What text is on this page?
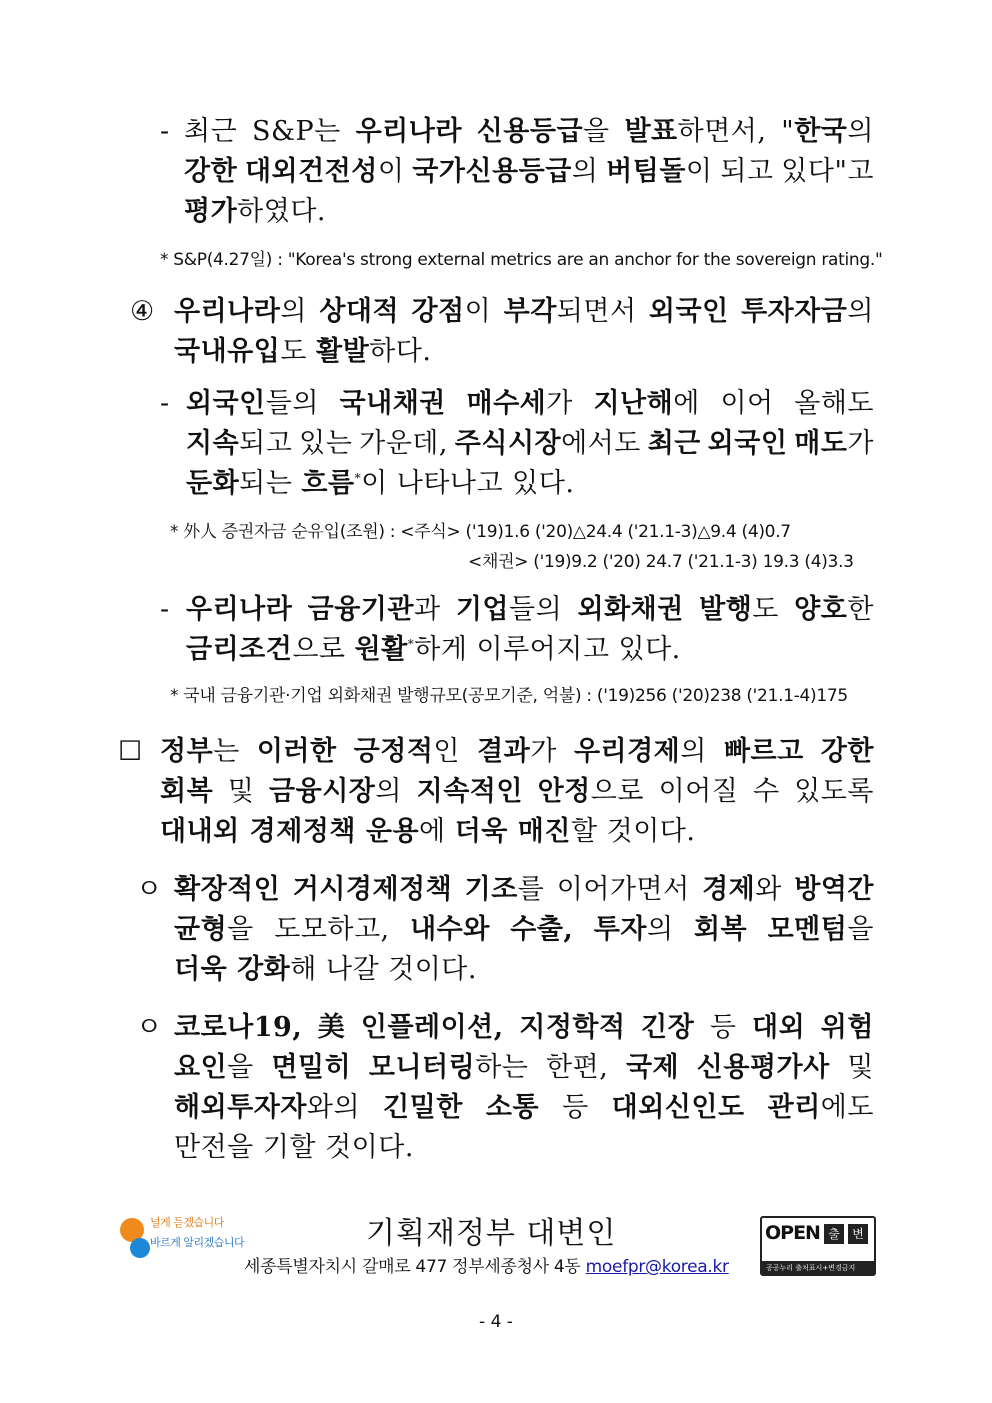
- 최근 S&P는 우리나라 신용등급을 발표하면서, "한국의
강한 대외건전성이 국가신용등급의 버팀돌이 되고 있다"고
평가하였다.
* S&P(4.27일) : "Korea's strong external metrics are an anchor for the sovereign rating."
④ 우리나라의 상대적 강점이 부각되면서 외국인 투자자금의
국내유입도 활발하다.
- 외국인들의 국내채권 매수세가 지난해에 이어 올해도
지속되고 있는 가운데, 주식시장에서도 최근 외국인 매도가
둔화되는 흐름*이 나타나고 있다.
* 外人 증권자금 순유입(조원) : <주식> ('19)1.6 ('20)△24.4 ('21.1-3)△9.4 (4)0.7
<채권> ('19)9.2 ('20) 24.7 ('21.1-3) 19.3 (4)3.3
- 우리나라 금융기관과 기업들의 외화채권 발행도 양호한
금리조건으로 원활*하게 이루어지고 있다.
* 국내 금융기관·기업 외화채권 발행규모(공모기준, 억불) : ('19)256 ('20)238 ('21.1-4)175
☐ 정부는 이러한 긍정적인 결과가 우리경제의 빠르고 강한
회복 및 금융시장의 지속적인 안정으로 이어질 수 있도록
대내외 경제정책 운용에 더욱 매진할 것이다.
ㅇ 확장적인 거시경제정책 기조를 이어가면서 경제와 방역간
균형을 도모하고, 내수와 수출, 투자의 회복 모멘텀을
더욱 강화해 나갈 것이다.
ㅇ 코로나19, 美 인플레이션, 지정학적 긴장 등 대외 위험
요인을 면밀히 모니터링하는 한편, 국제 신용평가사 및
해외투자자와의 긴밀한 소통 등 대외신인도 관리에도
만전을 기할 것이다.
널게 듣겠습니다
바르게 알리겠습니다	기획재정부 대변인
세종특별자치시 갈매로 477 정부세종청사 4동 moefpr@korea.kr
OPEN 출처
변경
공공누리 출처표시+변경금지
- 4 -
